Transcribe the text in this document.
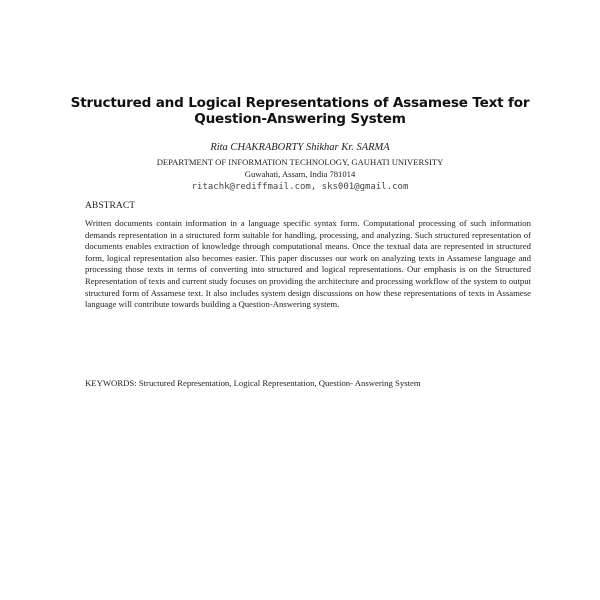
Structured and Logical Representations of Assamese Text for
Question-Answering System
Rita CHAKRABORTY Shikhar Kr. SARMA
DEPARTMENT OF INFORMATION TECHNOLOGY, GAUHATI UNIVERSITY
Guwahati, Assam, India 781014
ritachk@rediffmail.com, sks001@gmail.com
ABSTRACT

Written documents contain information in a language specific syntax form. Computational processing of such information demands representation in a structured form suitable for handling, processing, and analyzing. Such structured representation of documents enables extraction of knowledge through computational means. Once the textual data are represented in structured form, logical representation also becomes easier. This paper discusses our work on analyzing texts in Assamese language and processing those texts in terms of converting into structured and logical representations. Our emphasis is on the Structured Representation of texts and current study focuses on providing the architecture and processing workflow of the system to output structured form of Assamese text. It also includes system design discussions on how these representations of texts in Assamese language will contribute towards building a Question-Answering system.

KEYWORDS: Structured Representation, Logical Representation, Question- Answering System
